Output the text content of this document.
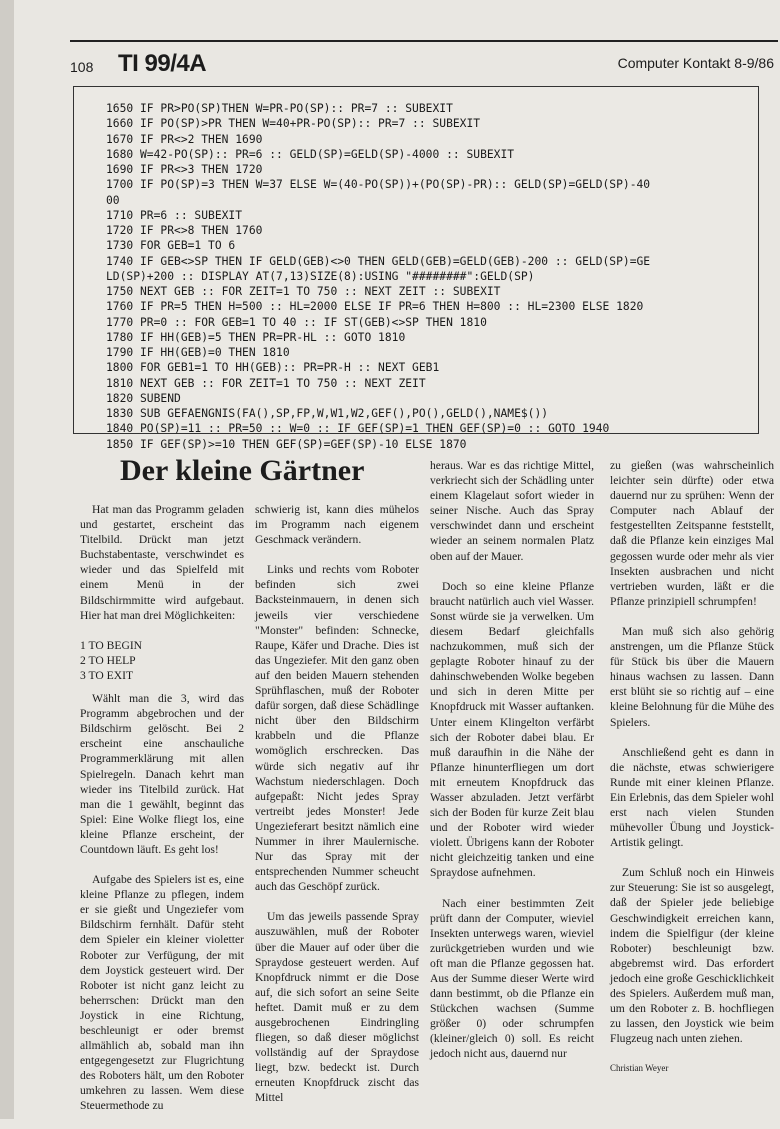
108 TI 99/4A	Computer Kontakt 8-9/86
1650 IF PR>PO(SP)THEN W=PR-PO(SP):: PR=7 :: SUBEXIT
1660 IF PO(SP)>PR THEN W=40+PR-PO(SP):: PR=7 :: SUBEXIT
1670 IF PR<>2 THEN 1690
1680 W=42-PO(SP):: PR=6 :: GELD(SP)=GELD(SP)-4000 :: SUBEXIT
1690 IF PR<>3 THEN 1720
1700 IF PO(SP)=3 THEN W=37 ELSE W=(40-PO(SP))+(PO(SP)-PR):: GELD(SP)=GELD(SP)-40
00
1710 PR=6 :: SUBEXIT
1720 IF PR<>8 THEN 1760
1730 FOR GEB=1 TO 6
1740 IF GEB<>SP THEN IF GELD(GEB)<>0 THEN GELD(GEB)=GELD(GEB)-200 :: GELD(SP)=GE
LD(SP)+200 :: DISPLAY AT(7,13)SIZE(8):USING "########":GELD(SP)
1750 NEXT GEB :: FOR ZEIT=1 TO 750 :: NEXT ZEIT :: SUBEXIT
1760 IF PR=5 THEN H=500 :: HL=2000 ELSE IF PR=6 THEN H=800 :: HL=2300 ELSE 1820
1770 PR=0 :: FOR GEB=1 TO 40 :: IF ST(GEB)<>SP THEN 1810
1780 IF HH(GEB)=5 THEN PR=PR-HL :: GOTO 1810
1790 IF HH(GEB)=0 THEN 1810
1800 FOR GEB1=1 TO HH(GEB):: PR=PR-H :: NEXT GEB1
1810 NEXT GEB :: FOR ZEIT=1 TO 750 :: NEXT ZEIT
1820 SUBEND
1830 SUB GEFAENGNIS(FA(),SP,FP,W,W1,W2,GEF(),PO(),GELD(),NAME$())
1840 PO(SP)=11 :: PR=50 :: W=0 :: IF GEF(SP)=1 THEN GEF(SP)=0 :: GOTO 1940
1850 IF GEF(SP)>=10 THEN GEF(SP)=GEF(SP)-10 ELSE 1870
Der kleine Gärtner

Hat man das Programm geladen und gestartet, erscheint das Titelbild. Drückt man jetzt Buchstabentaste, verschwindet es wieder und das Spielfeld mit einem Menü in der Bildschirmmitte wird aufgebaut. Hier hat man drei Möglichkeiten:

1 TO BEGIN
2 TO HELP
3 TO EXIT

Wählt man die 3, wird das Programm abgebrochen und der Bildschirm gelöscht. Bei 2 erscheint eine anschauliche Programmerklärung mit allen Spielregeln. Danach kehrt man wieder ins Titelbild zurück. Hat man die 1 gewählt, beginnt das Spiel: Eine Wolke fliegt los, eine kleine Pflanze erscheint, der Countdown läuft. Es geht los!

Aufgabe des Spielers ist es, eine kleine Pflanze zu pflegen, indem er sie gießt und Ungeziefer vom Bildschirm fernhält. Dafür steht dem Spieler ein kleiner violetter Roboter zur Verfügung, der mit dem Joystick gesteuert wird. Der Roboter ist nicht ganz leicht zu beherrschen: Drückt man den Joystick in eine Richtung, beschleunigt er oder bremst allmählich ab, sobald man ihn entgegengesetzt zur Flugrichtung des Roboters hält, um den Roboter umkehren zu lassen. Wem diese Steuermethode zu

schwierig ist, kann dies mühelos im Programm nach eigenem Geschmack verändern.

Links und rechts vom Roboter befinden sich zwei Backsteinmauern, in denen sich jeweils vier verschiedene "Monster" befinden: Schnecke, Raupe, Käfer und Drache. Dies ist das Ungeziefer. Mit den ganz oben auf den beiden Mauern stehenden Sprühflaschen, muß der Roboter dafür sorgen, daß diese Schädlinge nicht über den Bildschirm krabbeln und die Pflanze womöglich erschrecken. Das würde sich negativ auf ihr Wachstum niederschlagen. Doch aufgepaßt: Nicht jedes Spray vertreibt jedes Monster! Jede Ungezieferart besitzt nämlich eine Nummer in ihrer Maulernische. Nur das Spray mit der entsprechenden Nummer scheucht auch das Geschöpf zurück.

Um das jeweils passende Spray auszuwählen, muß der Roboter über die Mauer auf oder über die Spraydose gesteuert werden. Auf Knopfdruck nimmt er die Dose auf, die sich sofort an seine Seite heftet. Damit muß er zu dem ausgebrochenen Eindringling fliegen, so daß dieser möglichst vollständig auf der Spraydose liegt, bzw. bedeckt ist. Durch erneuten Knopfdruck zischt das Mittel

heraus. War es das richtige Mittel, verkriecht sich der Schädling unter einem Klagelaut sofort wieder in seiner Nische. Auch das Spray verschwindet dann und erscheint wieder an seinem normalen Platz oben auf der Mauer.

Doch so eine kleine Pflanze braucht natürlich auch viel Wasser. Sonst würde sie ja verwelken. Um diesem Bedarf gleichfalls nachzukommen, muß sich der geplagte Roboter hinauf zu der dahinschwebenden Wolke begeben und sich in deren Mitte per Knopfdruck mit Wasser auftanken. Unter einem Klingelton verfärbt sich der Roboter dabei blau. Er muß daraufhin in die Nähe der Pflanze hinunterfliegen um dort mit erneutem Knopfdruck das Wasser abzuladen. Jetzt verfärbt sich der Boden für kurze Zeit blau und der Roboter wird wieder violett. Übrigens kann der Roboter nicht gleichzeitig tanken und eine Spraydose aufnehmen.

Nach einer bestimmten Zeit prüft dann der Computer, wieviel Insekten unterwegs waren, wieviel zurückgetrieben wurden und wie oft man die Pflanze gegossen hat. Aus der Summe dieser Werte wird dann bestimmt, ob die Pflanze ein Stückchen wachsen (Summe größer 0) oder schrumpfen (kleiner/gleich 0) soll. Es reicht jedoch nicht aus, dauernd nur

zu gießen (was wahrscheinlich leichter sein dürfte) oder etwa dauernd nur zu sprühen: Wenn der Computer nach Ablauf der festgestellten Zeitspanne feststellt, daß die Pflanze kein einziges Mal gegossen wurde oder mehr als vier Insekten ausbrachen und nicht vertrieben wurden, läßt er die Pflanze prinzipiell schrumpfen!

Man muß sich also gehörig anstrengen, um die Pflanze Stück für Stück bis über die Mauern hinaus wachsen zu lassen. Dann erst blüht sie so richtig auf – eine kleine Belohnung für die Mühe des Spielers.

Anschließend geht es dann in die nächste, etwas schwierigere Runde mit einer kleinen Pflanze. Ein Erlebnis, das dem Spieler wohl erst nach vielen Stunden mühevoller Übung und Joystick-Artistik gelingt.

Zum Schluß noch ein Hinweis zur Steuerung: Sie ist so ausgelegt, daß der Spieler jede beliebige Geschwindigkeit erreichen kann, indem die Spielfigur (der kleine Roboter) beschleunigt bzw. abgebremst wird. Das erfordert jedoch eine große Geschicklichkeit des Spielers. Außerdem muß man, um den Roboter z. B. hochfliegen zu lassen, den Joystick wie beim Flugzeug nach unten ziehen.

Christian Weyer
